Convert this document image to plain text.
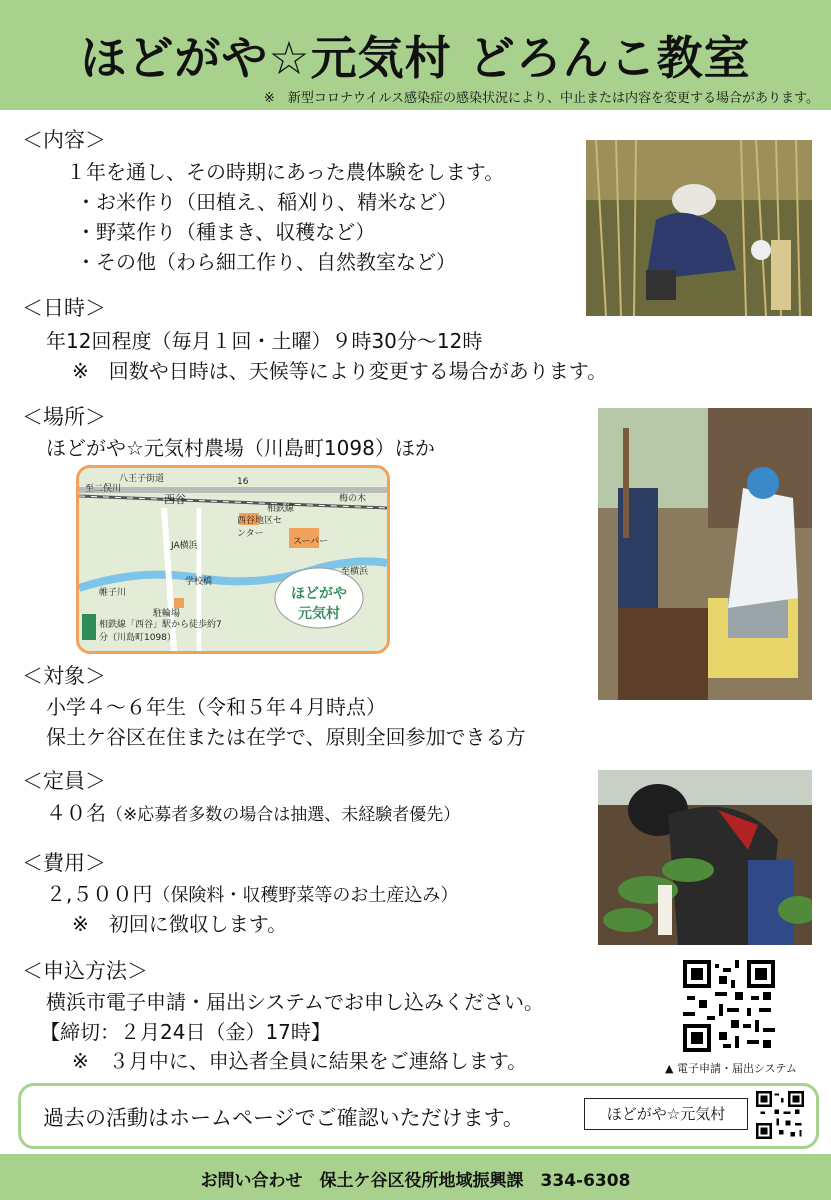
ほどがや☆元気村 どろんこ教室
※　新型コロナウイルス感染症の感染状況により、中止または内容を変更する場合があります。
＜内容＞
１年を通し、その時期にあった農体験をします。
・お米作り（田植え、稲刈り、精米など）
・野菜作り（種まき、収穫など）
・その他（わら細工作り、自然教室など）
＜日時＞
年12回程度（毎月１回・土曜）９時30分～12時
※　回数や日時は、天候等により変更する場合があります。
＜場所＞
ほどがや☆元気村農場（川島町1098）ほか
至二俣川
八王子街道
西谷
16
相鉄線
梅の木
西谷地区センター
スーパー
JA横浜
帷子川
学校橋
至横浜
駐輪場
相鉄線「西谷」駅から徒歩約7分（川島町1098）
ほどがや元気村
＜対象＞
小学４～６年生（令和５年４月時点）
保土ケ谷区在住または在学で、原則全回参加できる方
＜定員＞
４０名（※応募者多数の場合は抽選、未経験者優先）
＜費用＞
２,５００円（保険料・収穫野菜等のお土産込み）
※　初回に徴収します。
＜申込方法＞
横浜市電子申請・届出システムでお申し込みください。
【締切：２月24日（金）17時】
※　３月中に、申込者全員に結果をご連絡します。	▲ 電子申請・届出システム
過去の活動はホームページでご確認いただけます。	ほどがや☆元気村
お問い合わせ　保土ケ谷区役所地域振興課　334-6308
